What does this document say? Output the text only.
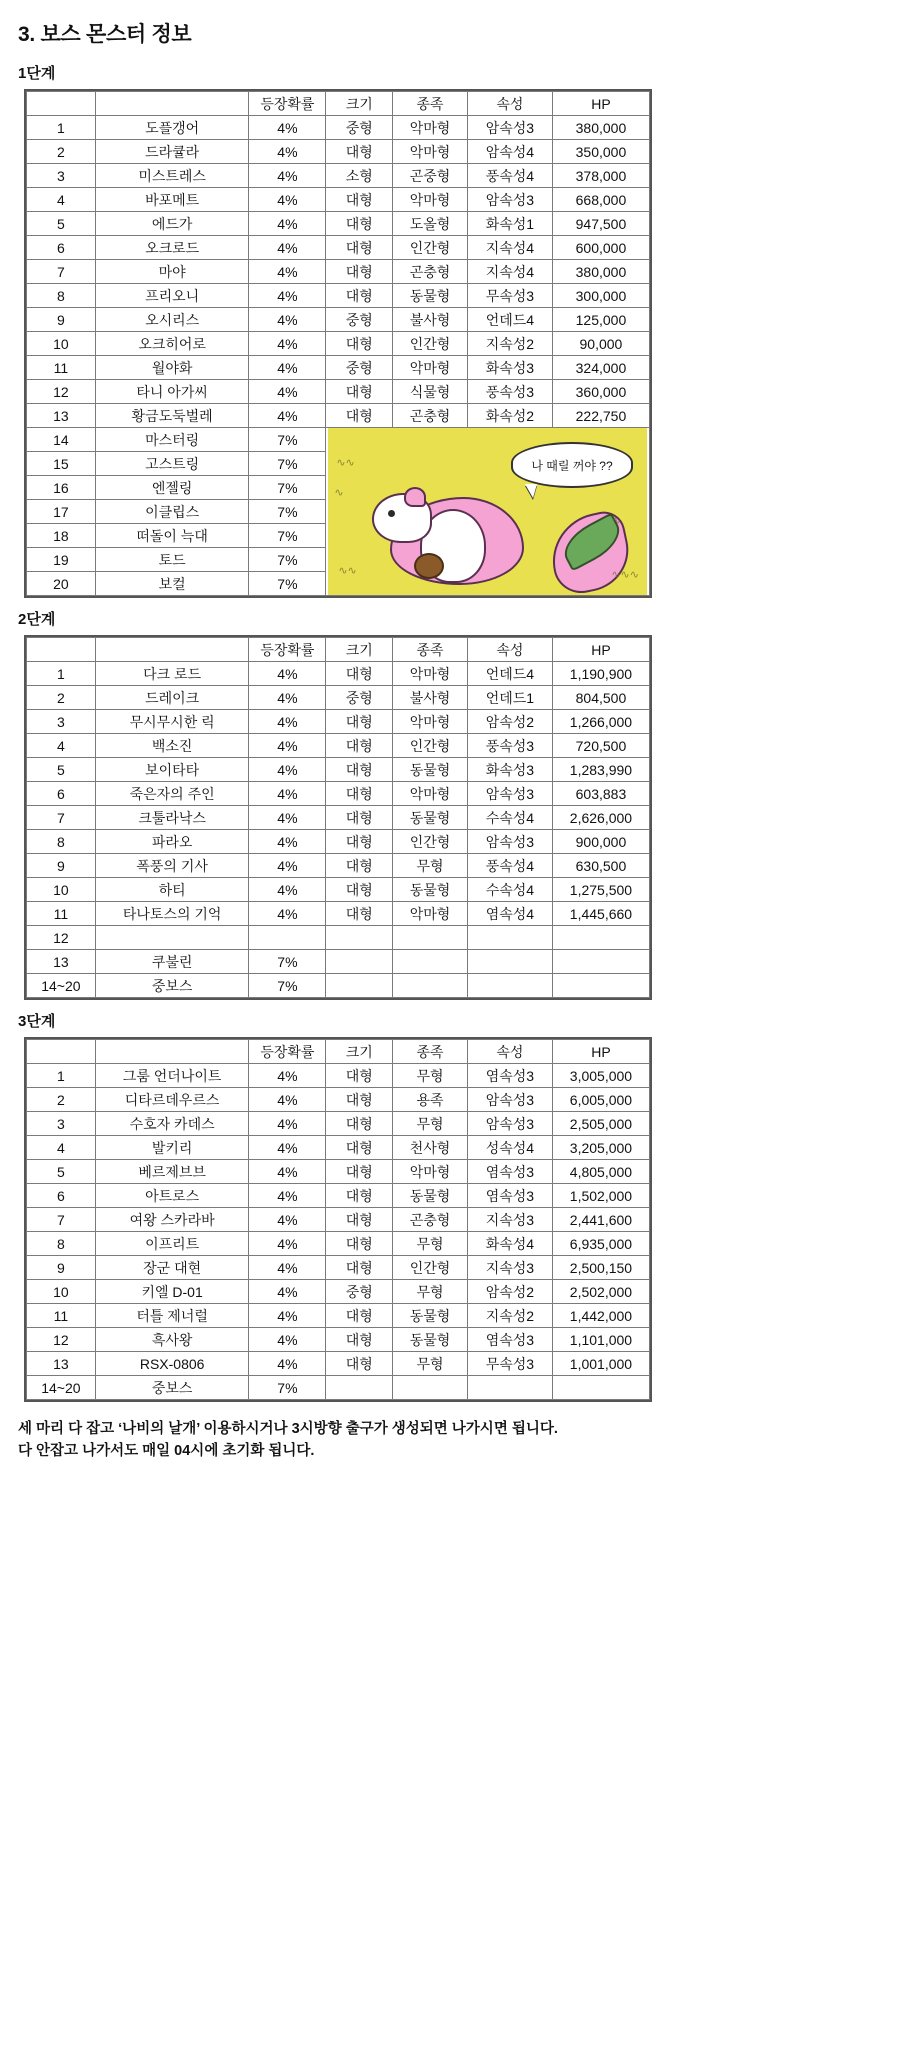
3. 보스 몬스터 정보
1단계
		등장확률	크기	종족	속성	HP
1	도플갱어	4%	중형	악마형	암속성3	380,000
2	드라큘라	4%	대형	악마형	암속성4	350,000
3	미스트레스	4%	소형	곤중형	풍속성4	378,000
4	바포메트	4%	대형	악마형	암속성3	668,000
5	에드가	4%	대형	도올형	화속성1	947,500
6	오크로드	4%	대형	인간형	지속성4	600,000
7	마야	4%	대형	곤충형	지속성4	380,000
8	프리오니	4%	대형	동물형	무속성3	300,000
9	오시리스	4%	중형	불사형	언데드4	125,000
10	오크히어로	4%	대형	인간형	지속성2	90,000
11	월야화	4%	중형	악마형	화속성3	324,000
12	타니 아가씨	4%	대형	식물형	풍속성3	360,000
13	황금도둑벌레	4%	대형	곤충형	화속성2	222,750
14	마스터링	7%	
나 때릴 꺼야 ??
∿∿
∿
∿∿	∿∿∿
∿

15	고스트링	7%				
16	엔젤링	7%				
17	이클립스	7%				
18	떠돌이 늑대	7%				
19	토드	7%				
20	보컬	7%				
2단계
		등장확률	크기	종족	속성	HP
1	다크 로드	4%	대형	악마형	언데드4	1,190,900
2	드레이크	4%	중형	불사형	언데드1	804,500
3	무시무시한 릭	4%	대형	악마형	암속성2	1,266,000
4	백소진	4%	대형	인간형	풍속성3	720,500
5	보이타타	4%	대형	동물형	화속성3	1,283,990
6	죽은자의 주인	4%	대형	악마형	암속성3	603,883
7	크툴라낙스	4%	대형	동물형	수속성4	2,626,000
8	파라오	4%	대형	인간형	암속성3	900,000
9	폭풍의 기사	4%	대형	무형	풍속성4	630,500
10	하티	4%	대형	동물형	수속성4	1,275,500
11	타나토스의 기억	4%	대형	악마형	염속성4	1,445,660
12						
13	쿠불린	7%				
14~20	중보스	7%				
3단계
		등장확률	크기	종족	속성	HP
1	그룸 언더나이트	4%	대형	무형	염속성3	3,005,000
2	디타르데우르스	4%	대형	용족	암속성3	6,005,000
3	수호자 카데스	4%	대형	무형	암속성3	2,505,000
4	발키리	4%	대형	천사형	성속성4	3,205,000
5	베르제브브	4%	대형	악마형	염속성3	4,805,000
6	아트로스	4%	대형	동물형	염속성3	1,502,000
7	여왕 스카라바	4%	대형	곤충형	지속성3	2,441,600
8	이프리트	4%	대형	무형	화속성4	6,935,000
9	장군 대현	4%	대형	인간형	지속성3	2,500,150
10	키엘 D-01	4%	중형	무형	암속성2	2,502,000
11	터틀 제너럴	4%	대형	동물형	지속성2	1,442,000
12	흑사왕	4%	대형	동물형	염속성3	1,101,000
13	RSX-0806	4%	대형	무형	무속성3	1,001,000
14~20	중보스	7%				
세 마리 다 잡고 ‘나비의 날개’ 이용하시거나 3시방향 출구가 생성되면 나가시면 됩니다.
다 안잡고 나가서도 매일 04시에 초기화 됩니다.
